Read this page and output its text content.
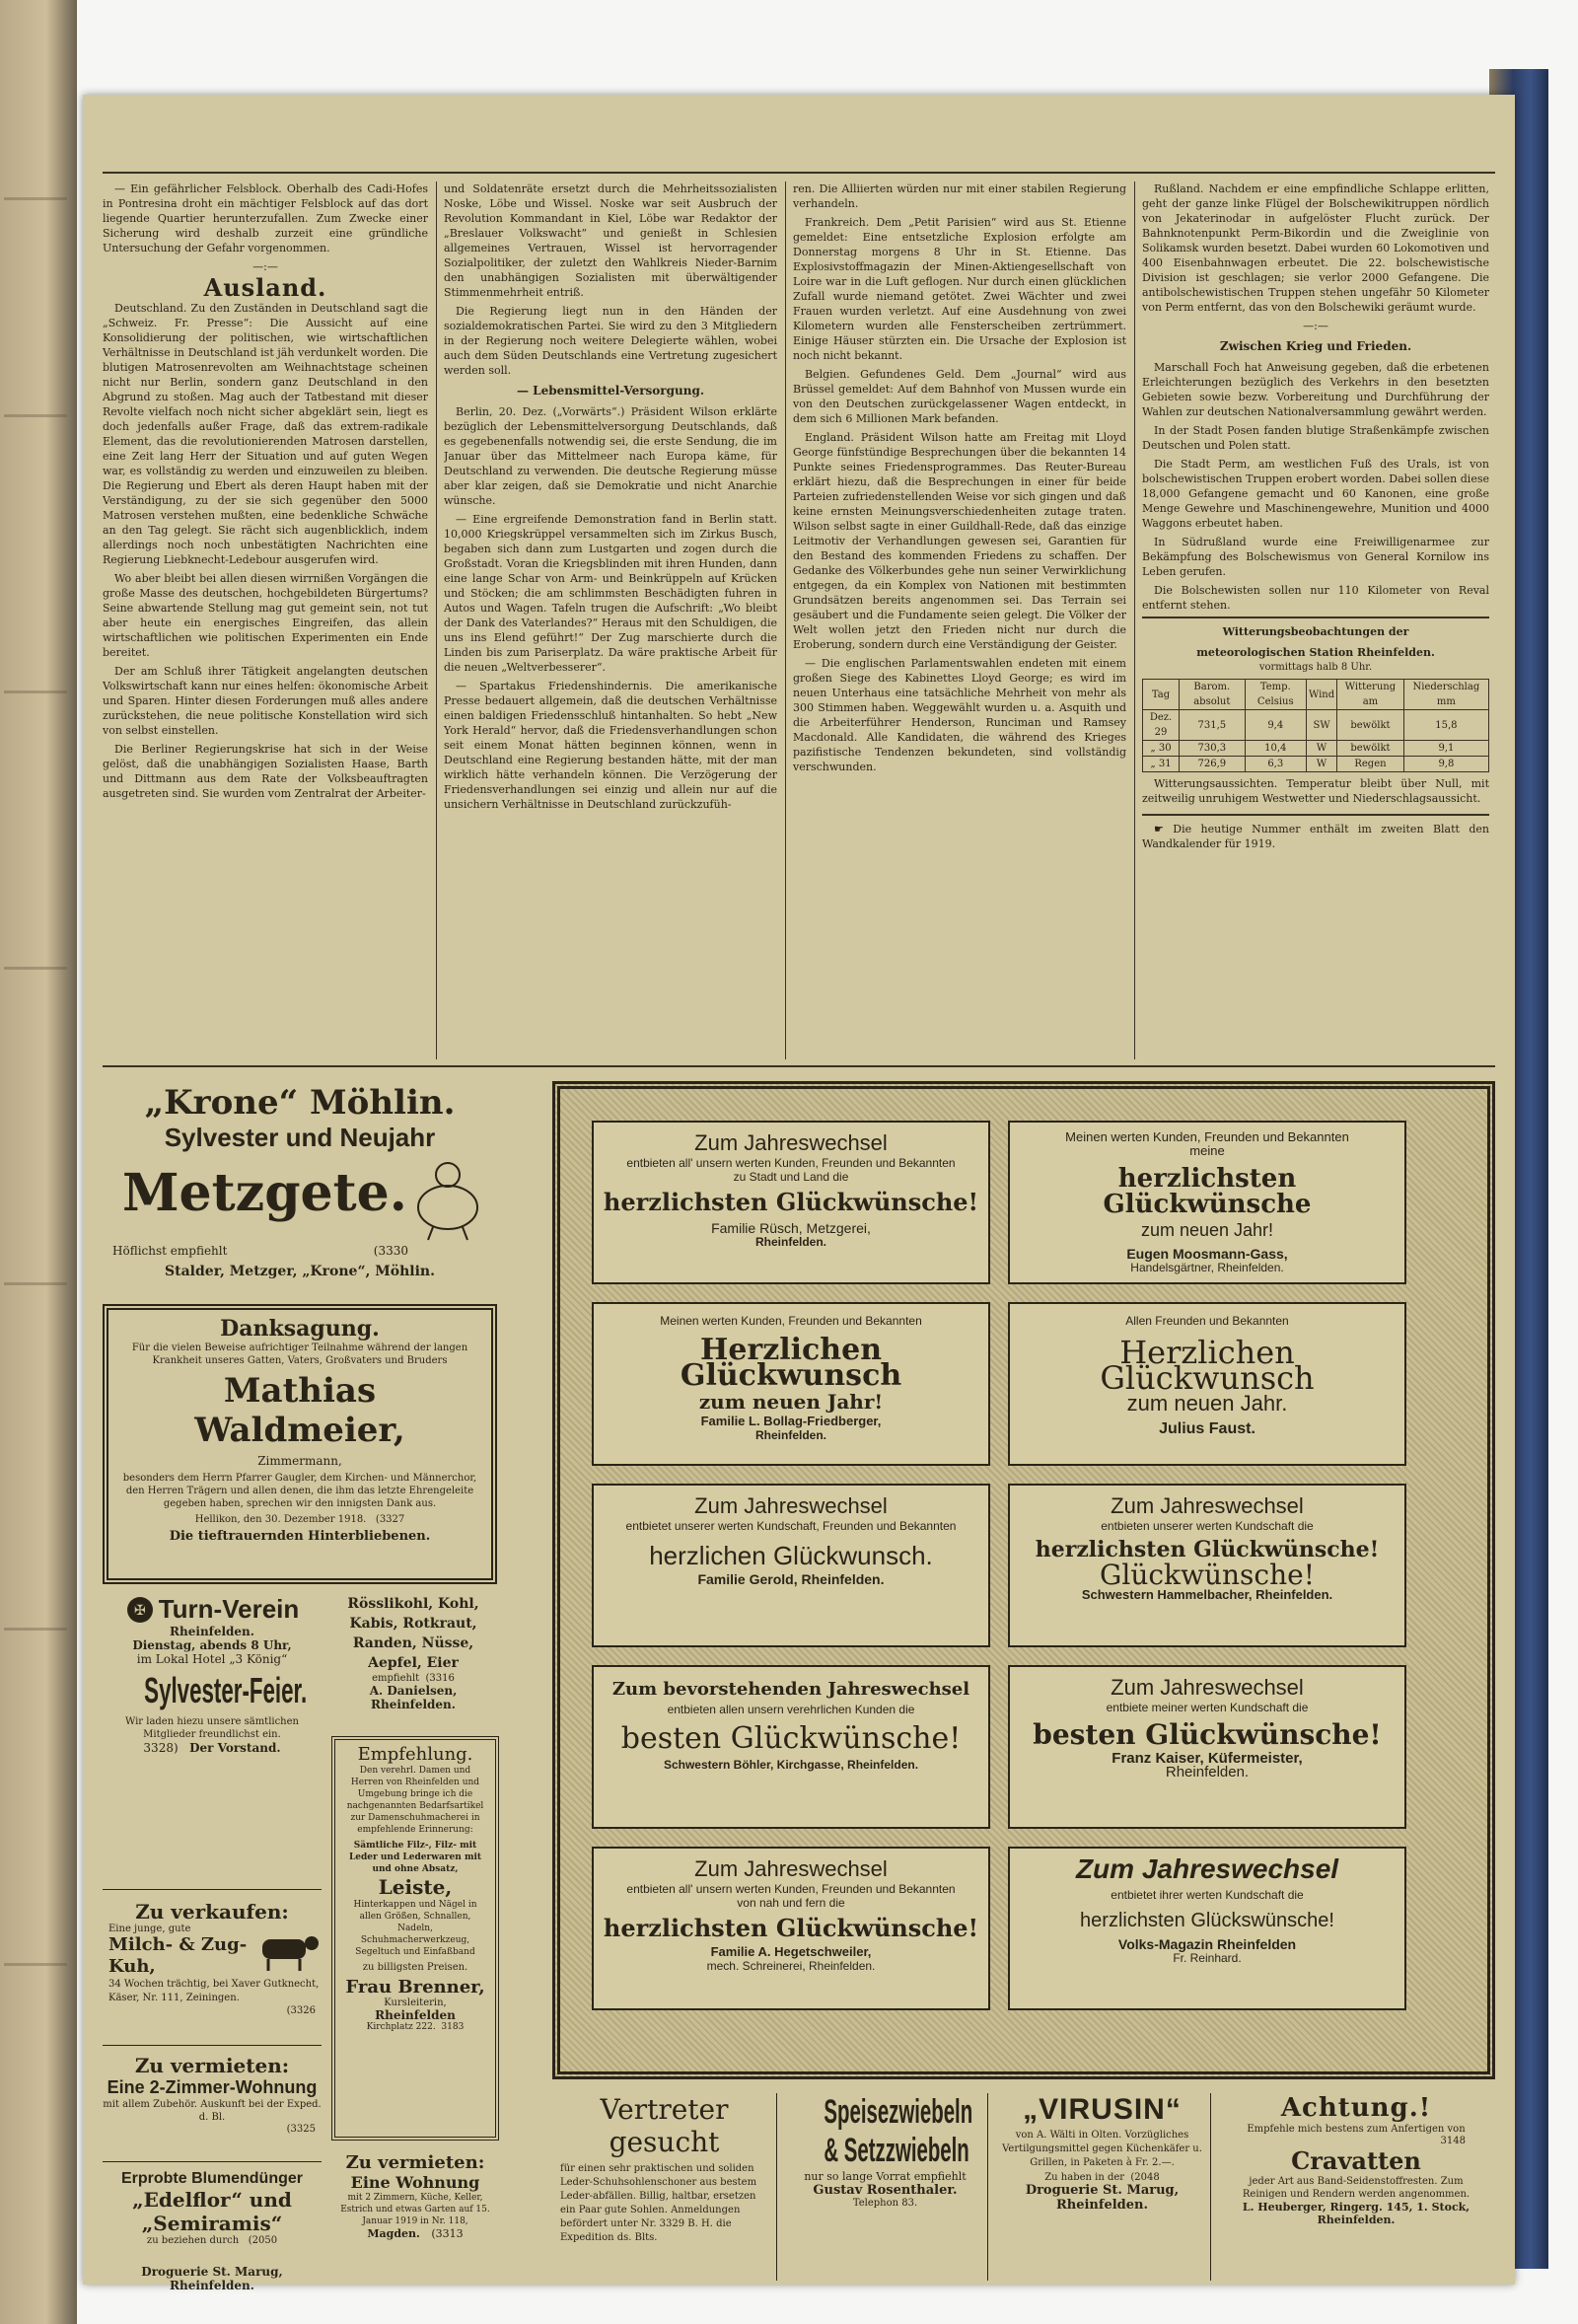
— Ein gefährlicher Felsblock. Oberhalb des Cadi-Hofes in Pontresina droht ein mächtiger Felsblock auf das dort liegende Quartier herunterzufallen. Zum Zwecke einer Sicherung wird deshalb zurzeit eine gründliche Untersuchung der Gefahr vorgenommen.

—:—
Ausland.

Deutschland. Zu den Zuständen in Deutschland sagt die „Schweiz. Fr. Presse“: Die Aussicht auf eine Konsolidierung der politischen, wie wirtschaftlichen Verhältnisse in Deutschland ist jäh verdunkelt worden. Die blutigen Matrosenrevolten am Weihnachtstage scheinen nicht nur Berlin, sondern ganz Deutschland in den Abgrund zu stoßen. Mag auch der Tatbestand mit dieser Revolte vielfach noch nicht sicher abgeklärt sein, liegt es doch jedenfalls außer Frage, daß das extrem-radikale Element, das die revolutionierenden Matrosen darstellen, eine Zeit lang Herr der Situation und auf guten Wegen war, es vollständig zu werden und einzuweilen zu bleiben. Die Regierung und Ebert als deren Haupt haben mit der Verständigung, zu der sie sich gegenüber den 5000 Matrosen verstehen mußten, eine bedenkliche Schwäche an den Tag gelegt. Sie rächt sich augenblicklich, indem allerdings noch noch unbestätigten Nachrichten eine Regierung Liebknecht-Ledebour ausgerufen wird.

Wo aber bleibt bei allen diesen wirrnißen Vorgängen die große Masse des deutschen, hochgebildeten Bürgertums? Seine abwartende Stellung mag gut gemeint sein, not tut aber heute ein energisches Eingreifen, das allein wirtschaftlichen wie politischen Experimenten ein Ende bereitet.

Der am Schluß ihrer Tätigkeit angelangten deutschen Volkswirtschaft kann nur eines helfen: ökonomische Arbeit und Sparen. Hinter diesen Forderungen muß alles andere zurückstehen, die neue politische Konstellation wird sich von selbst einstellen.

Die Berliner Regierungskrise hat sich in der Weise gelöst, daß die unabhängigen Sozialisten Haase, Barth und Dittmann aus dem Rate der Volksbeauftragten ausgetreten sind. Sie wurden vom Zentralrat der Arbeiter-

und Soldatenräte ersetzt durch die Mehrheitssozialisten Noske, Löbe und Wissel. Noske war seit Ausbruch der Revolution Kommandant in Kiel, Löbe war Redaktor der „Breslauer Volkswacht“ und genießt in Schlesien allgemeines Vertrauen, Wissel ist hervorragender Sozialpolitiker, der zuletzt den Wahlkreis Nieder-Barnim den unabhängigen Sozialisten mit überwältigender Stimmenmehrheit entriß.

Die Regierung liegt nun in den Händen der sozialdemokratischen Partei. Sie wird zu den 3 Mitgliedern in der Regierung noch weitere Delegierte wählen, wobei auch dem Süden Deutschlands eine Vertretung zugesichert werden soll.

— Lebensmittel-Versorgung.

Berlin, 20. Dez. („Vorwärts“.) Präsident Wilson erklärte bezüglich der Lebensmittelversorgung Deutschlands, daß es gegebenenfalls notwendig sei, die erste Sendung, die im Januar über das Mittelmeer nach Europa käme, für Deutschland zu verwenden. Die deutsche Regierung müsse aber klar zeigen, daß sie Demokratie und nicht Anarchie wünsche.

— Eine ergreifende Demonstration fand in Berlin statt. 10,000 Kriegskrüppel versammelten sich im Zirkus Busch, begaben sich dann zum Lustgarten und zogen durch die Großstadt. Voran die Kriegsblinden mit ihren Hunden, dann eine lange Schar von Arm- und Beinkrüppeln auf Krücken und Stöcken; die am schlimmsten Beschädigten fuhren in Autos und Wagen. Tafeln trugen die Aufschrift: „Wo bleibt der Dank des Vaterlandes?“ Heraus mit den Schuldigen, die uns ins Elend geführt!“ Der Zug marschierte durch die Linden bis zum Pariserplatz. Da wäre praktische Arbeit für die neuen „Weltverbesserer“.

— Spartakus Friedenshindernis. Die amerikanische Presse bedauert allgemein, daß die deutschen Verhältnisse einen baldigen Friedensschluß hintanhalten. So hebt „New York Herald“ hervor, daß die Friedensverhandlungen schon seit einem Monat hätten beginnen können, wenn in Deutschland eine Regierung bestanden hätte, mit der man wirklich hätte verhandeln können. Die Verzögerung der Friedensverhandlungen sei einzig und allein nur auf die unsichern Verhältnisse in Deutschland zurückzufüh-

ren. Die Alliierten würden nur mit einer stabilen Regierung verhandeln.

Frankreich. Dem „Petit Parisien“ wird aus St. Etienne gemeldet: Eine entsetzliche Explosion erfolgte am Donnerstag morgens 8 Uhr in St. Etienne. Das Explosivstoffmagazin der Minen-Aktiengesellschaft von Loire war in die Luft geflogen. Nur durch einen glücklichen Zufall wurde niemand getötet. Zwei Wächter und zwei Frauen wurden verletzt. Auf eine Ausdehnung von zwei Kilometern wurden alle Fensterscheiben zertrümmert. Einige Häuser stürzten ein. Die Ursache der Explosion ist noch nicht bekannt.

Belgien. Gefundenes Geld. Dem „Journal“ wird aus Brüssel gemeldet: Auf dem Bahnhof von Mussen wurde ein von den Deutschen zurückgelassener Wagen entdeckt, in dem sich 6 Millionen Mark befanden.

England. Präsident Wilson hatte am Freitag mit Lloyd George fünfstündige Besprechungen über die bekannten 14 Punkte seines Friedensprogrammes. Das Reuter-Bureau erklärt hiezu, daß die Besprechungen in einer für beide Parteien zufriedenstellenden Weise vor sich gingen und daß keine ernsten Meinungsverschiedenheiten zutage traten. Wilson selbst sagte in einer Guildhall-Rede, daß das einzige Leitmotiv der Verhandlungen gewesen sei, Garantien für den Bestand des kommenden Friedens zu schaffen. Der Gedanke des Völkerbundes gehe nun seiner Verwirklichung entgegen, da ein Komplex von Nationen mit bestimmten Grundsätzen bereits angenommen sei. Das Terrain sei gesäubert und die Fundamente seien gelegt. Die Völker der Welt wollen jetzt den Frieden nicht nur durch die Eroberung, sondern durch eine Verständigung der Geister.

— Die englischen Parlamentswahlen endeten mit einem großen Siege des Kabinettes Lloyd George; es wird im neuen Unterhaus eine tatsächliche Mehrheit von mehr als 300 Stimmen haben. Weggewählt wurden u. a. Asquith und die Arbeiterführer Henderson, Runciman und Ramsey Macdonald. Alle Kandidaten, die während des Krieges pazifistische Tendenzen bekundeten, sind vollständig verschwunden.

Rußland. Nachdem er eine empfindliche Schlappe erlitten, geht der ganze linke Flügel der Bolschewikitruppen nördlich von Jekaterinodar in aufgelöster Flucht zurück. Der Bahnknotenpunkt Perm-Bikordin und die Zweiglinie von Solikamsk wurden besetzt. Dabei wurden 60 Lokomotiven und 400 Eisenbahnwagen erbeutet. Die 22. bolschewistische Division ist geschlagen; sie verlor 2000 Gefangene. Die antibolschewistischen Truppen stehen ungefähr 50 Kilometer von Perm entfernt, das von den Bolschewiki geräumt wurde.

—:—
Zwischen Krieg und Frieden.

Marschall Foch hat Anweisung gegeben, daß die erbetenen Erleichterungen bezüglich des Verkehrs in den besetzten Gebieten sowie bezw. Vorbereitung und Durchführung der Wahlen zur deutschen Nationalversammlung gewährt werden.

In der Stadt Posen fanden blutige Straßenkämpfe zwischen Deutschen und Polen statt.

Die Stadt Perm, am westlichen Fuß des Urals, ist von bolschewistischen Truppen erobert worden. Dabei sollen diese 18,000 Gefangene gemacht und 60 Kanonen, eine große Menge Gewehre und Maschinengewehre, Munition und 4000 Waggons erbeutet haben.

In Südrußland wurde eine Freiwilligenarmee zur Bekämpfung des Bolschewismus von General Kornilow ins Leben gerufen.

Die Bolschewisten sollen nur 110 Kilometer von Reval entfernt stehen.

Witterungsbeobachtungen der
meteorologischen Station Rheinfelden.
vormittags halb 8 Uhr.
Tag	Barom. absolut	Temp. Celsius	Wind	Witterung am	Niederschlag mm
Dez. 29	731,5	9,4	SW	bewölkt	15,8
„ 30	730,3	10,4	W	bewölkt	9,1
„ 31	726,9	6,3	W	Regen	9,8

Witterungsaussichten. Temperatur bleibt über Null, mit zeitweilig unruhigem Westwetter und Niederschlagsaussicht.

☛ Die heutige Nummer enthält im zweiten Blatt den Wandkalender für 1919.

„Krone“ Möhlin.
Sylvester und Neujahr
Metzgete.
Höflichst empfiehlt	(3330
Stalder, Metzger, „Krone“, Möhlin.
Danksagung.
Für die vielen Beweise aufrichtiger Teilnahme während der langen Krankheit unseres Gatten, Vaters, Großvaters und Bruders
Mathias Waldmeier,
Zimmermann,
besonders dem Herrn Pfarrer Gaugler, dem Kirchen- und Männerchor, den Herren Trägern und allen denen, die ihm das letzte Ehrengeleite gegeben haben, sprechen wir den innigsten Dank aus.
Hellikon, den 30. Dezember 1918. (3327
Die tieftrauernden Hinterbliebenen.
✠ Turn-Verein
Rheinfelden.
Dienstag, abends 8 Uhr,
im Lokal Hotel „3 König“
Sylvester-Feier.
Wir laden hiezu unsere sämtlichen Mitglieder freundlichst ein.
3328) Der Vorstand.
Rösslikohl, Kohl, Kabis, Rotkraut, Randen, Nüsse, Aepfel, Eier
empfiehlt (3316
A. Danielsen, Rheinfelden.
Empfehlung.
Den verehrl. Damen und Herren von Rheinfelden und Umgebung bringe ich die nachgenannten Bedarfsartikel zur Damenschuhmacherei in empfehlende Erinnerung:
Sämtliche Filz-, Filz- mit Leder und Lederwaren mit und ohne Absatz,
Leiste,
Hinterkappen und Nägel in allen Größen, Schnallen, Nadeln, Schuhmacherwerkzeug, Segeltuch und Einfaßband
zu billigsten Preisen.
Frau Brenner,
Kursleiterin,
Rheinfelden
Kirchplatz 222. 3183
Zu verkaufen:
Eine junge, gute
Milch- & Zug-Kuh,
34 Wochen trächtig, bei Xaver Gutknecht, Käser, Nr. 111, Zeiningen.
(3326
Zu vermieten:
Eine 2-Zimmer-Wohnung
mit allem Zubehör. Auskunft bei der Exped. d. Bl.
(3325
Erprobte Blumendünger
„Edelflor“ und
„Semiramis“
zu beziehen durch (2050
Zu vermieten:
Eine Wohnung
mit 2 Zimmern, Küche, Keller, Estrich und etwas Garten auf 15. Januar 1919 in Nr. 118,
Magden. (3313
Droguerie St. Marug,
Rheinfelden.
Zum Jahreswechsel
entbieten all' unsern werten Kunden, Freunden und Bekannten zu Stadt und Land die
herzlichsten Glückwünsche!
Familie Rüsch, Metzgerei,
Rheinfelden.
Meinen werten Kunden, Freunden und Bekannten meine
herzlichsten Glückwünsche
zum neuen Jahr!
Eugen Moosmann-Gass,
Handelsgärtner, Rheinfelden.
Meinen werten Kunden, Freunden und Bekannten
Herzlichen Glückwunsch
zum neuen Jahr!
Familie L. Bollag-Friedberger,
Rheinfelden.
Allen Freunden und Bekannten
Herzlichen Glückwunsch
zum neuen Jahr.
Julius Faust.
Zum Jahreswechsel
entbietet unserer werten Kundschaft, Freunden und Bekannten
herzlichen Glückwunsch.
Familie Gerold, Rheinfelden.
Zum Jahreswechsel
entbieten unserer werten Kundschaft die
herzlichsten Glückwünsche!
Glückwünsche!
Schwestern Hammelbacher, Rheinfelden.
Zum bevorstehenden Jahreswechsel
entbieten allen unsern verehrlichen Kunden die
besten Glückwünsche!
Schwestern Böhler, Kirchgasse, Rheinfelden.
Zum Jahreswechsel
entbiete meiner werten Kundschaft die
besten Glückwünsche!
Franz Kaiser, Küfermeister,
Rheinfelden.
Zum Jahreswechsel
entbieten all' unsern werten Kunden, Freunden und Bekannten von nah und fern die
herzlichsten Glückwünsche!
Familie A. Hegetschweiler,
mech. Schreinerei, Rheinfelden.
Zum Jahreswechsel
entbietet ihrer werten Kundschaft die
herzlichsten Glückswünsche!
Volks-Magazin Rheinfelden
Fr. Reinhard.
Vertreter gesucht
für einen sehr praktischen und soliden Leder-Schuhsohlenschoner aus bestem Leder-abfällen. Billig, haltbar, ersetzen ein Paar gute Sohlen. Anmeldungen befördert unter Nr. 3329 B. H. die Expedition ds. Blts.
Speisezwiebeln
& Setzzwiebeln
nur so lange Vorrat empfiehlt
Gustav Rosenthaler.
Telephon 83.
„VIRUSIN“
von A. Wälti in Olten. Vorzügliches Vertilgungsmittel gegen Küchenkäfer u. Grillen, in Paketen à Fr. 2.—.
Zu haben in der (2048
Droguerie St. Marug,
Rheinfelden.
Achtung.!
Empfehle mich bestens zum Anfertigen von
3148
Cravatten
jeder Art aus Band-Seidenstoffresten. Zum Reinigen und Rendern werden angenommen.
L. Heuberger, Ringerg. 145, 1. Stock, Rheinfelden.
